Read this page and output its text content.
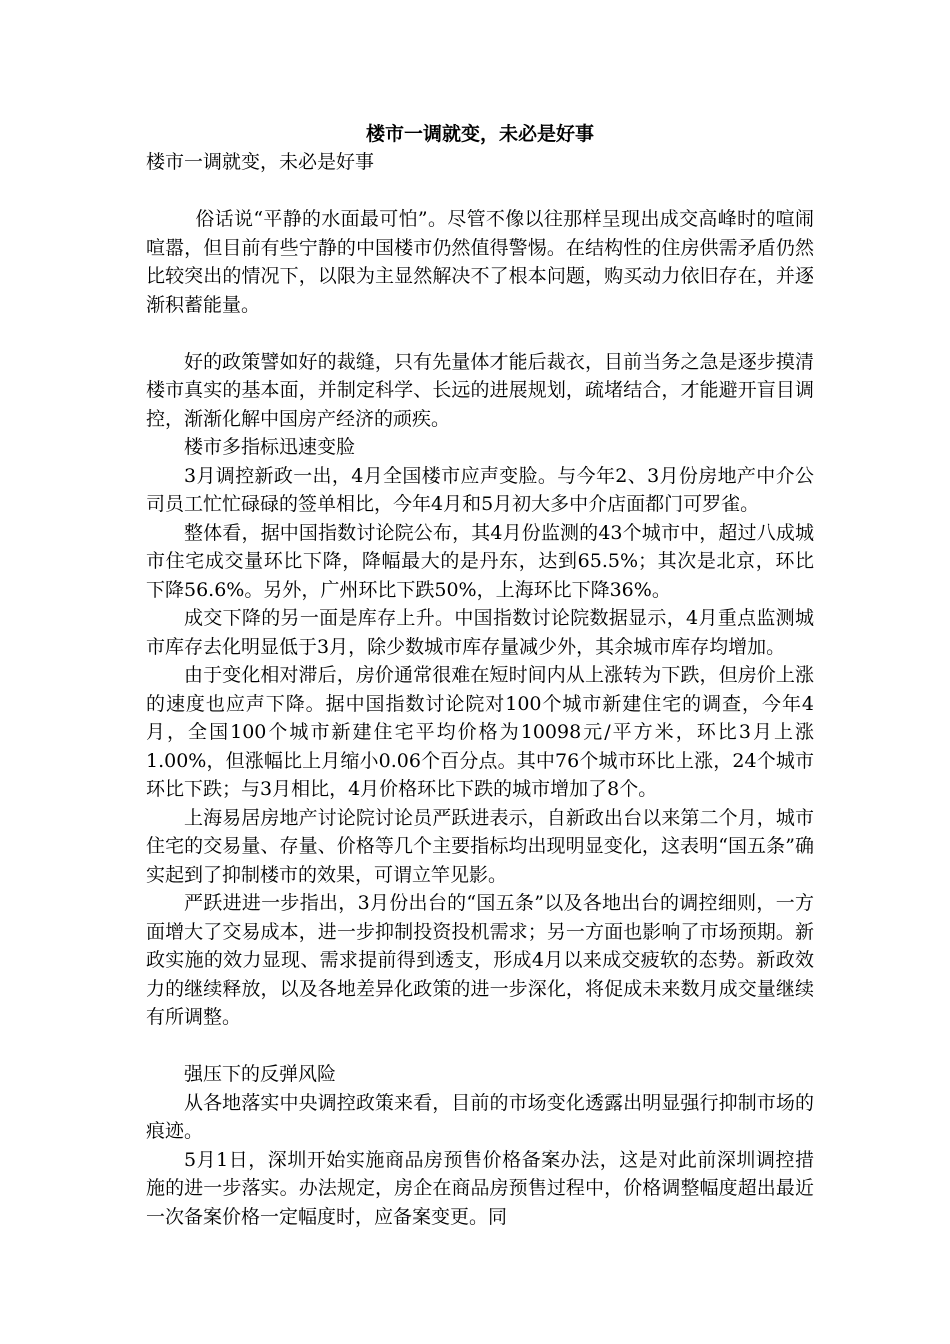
楼市一调就变，未必是好事

楼市一调就变，未必是好事

俗话说“平静的水面最可怕”。尽管不像以往那样呈现出成交高峰时的喧闹喧嚣，但目前有些宁静的中国楼市仍然值得警惕。在结构性的住房供需矛盾仍然比较突出的情况下，以限为主显然解决不了根本问题，购买动力依旧存在，并逐渐积蓄能量。

好的政策譬如好的裁缝，只有先量体才能后裁衣，目前当务之急是逐步摸清楼市真实的基本面，并制定科学、长远的进展规划，疏堵结合，才能避开盲目调控，渐渐化解中国房产经济的顽疾。

楼市多指标迅速变脸

3月调控新政一出，4月全国楼市应声变脸。与今年2、3月份房地产中介公司员工忙忙碌碌的签单相比，今年4月和5月初大多中介店面都门可罗雀。

整体看，据中国指数讨论院公布，其4月份监测的43个城市中，超过八成城市住宅成交量环比下降，降幅最大的是丹东，达到65.5%；其次是北京，环比下降56.6%。另外，广州环比下跌50%，上海环比下降36%。

成交下降的另一面是库存上升。中国指数讨论院数据显示，4月重点监测城市库存去化明显低于3月，除少数城市库存量减少外，其余城市库存均增加。

由于变化相对滞后，房价通常很难在短时间内从上涨转为下跌，但房价上涨的速度也应声下降。据中国指数讨论院对100个城市新建住宅的调查，今年4月，全国100个城市新建住宅平均价格为10098元/平方米，环比3月上涨1.00%，但涨幅比上月缩小0.06个百分点。其中76个城市环比上涨，24个城市环比下跌；与3月相比，4月价格环比下跌的城市增加了8个。

上海易居房地产讨论院讨论员严跃进表示，自新政出台以来第二个月，城市住宅的交易量、存量、价格等几个主要指标均出现明显变化，这表明“国五条”确实起到了抑制楼市的效果，可谓立竿见影。

严跃进进一步指出，3月份出台的“国五条”以及各地出台的调控细则，一方面增大了交易成本，进一步抑制投资投机需求；另一方面也影响了市场预期。新政实施的效力显现、需求提前得到透支，形成4月以来成交疲软的态势。新政效力的继续释放，以及各地差异化政策的进一步深化，将促成未来数月成交量继续有所调整。

强压下的反弹风险

从各地落实中央调控政策来看，目前的市场变化透露出明显强行抑制市场的痕迹。

5月1日，深圳开始实施商品房预售价格备案办法，这是对此前深圳调控措施的进一步落实。办法规定，房企在商品房预售过程中，价格调整幅度超出最近一次备案价格一定幅度时，应备案变更。同
